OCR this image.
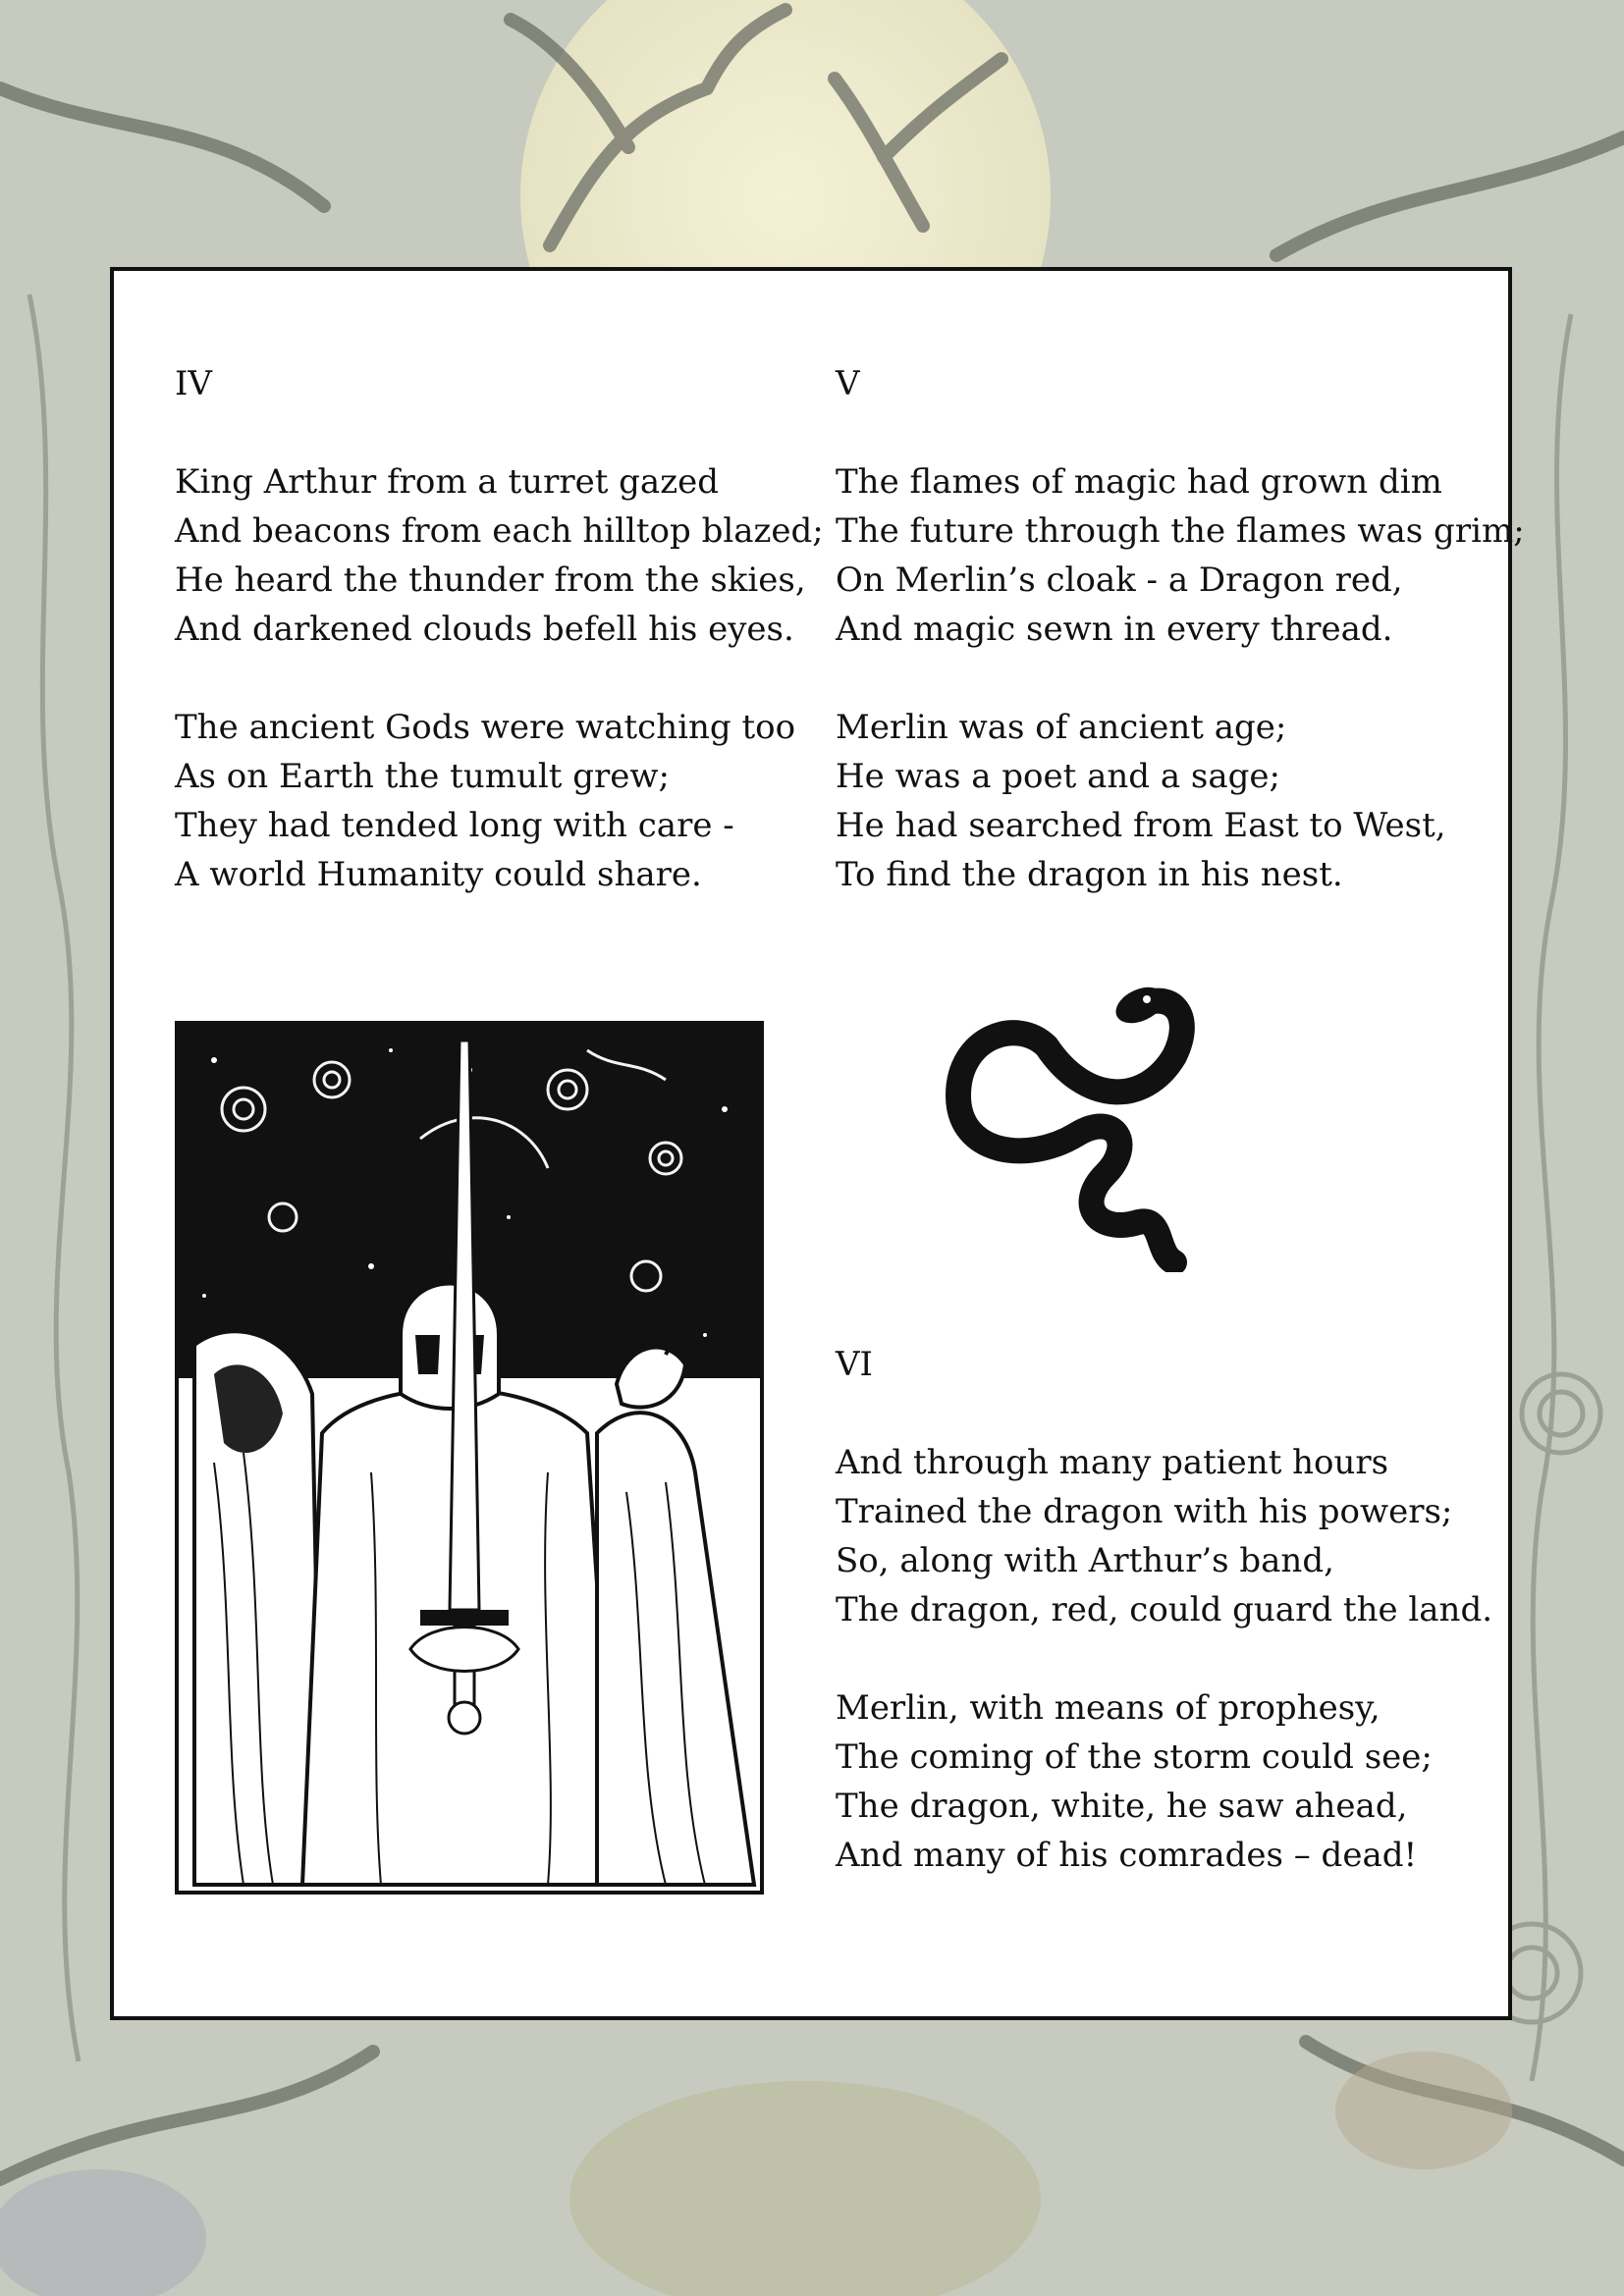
IV
King Arthur from a turret gazed
And beacons from each hilltop blazed;
He heard the thunder from the skies,
And darkened clouds befell his eyes.
The ancient Gods were watching too
As on Earth the tumult grew;
They had tended long with care -
A world Humanity could share.
V
The flames of magic had grown dim
The future through the flames was grim;
On Merlin’s cloak - a Dragon red,
And magic sewn in every thread.
Merlin was of ancient age;
He was a poet and a sage;
He had searched from East to West,
To find the dragon in his nest.
VI
And through many patient hours
Trained the dragon with his powers;
So, along with Arthur’s band,
The dragon, red, could guard the land.
Merlin, with means of prophesy,
The coming of the storm could see;
The dragon, white, he saw ahead,
And many of his comrades – dead!
